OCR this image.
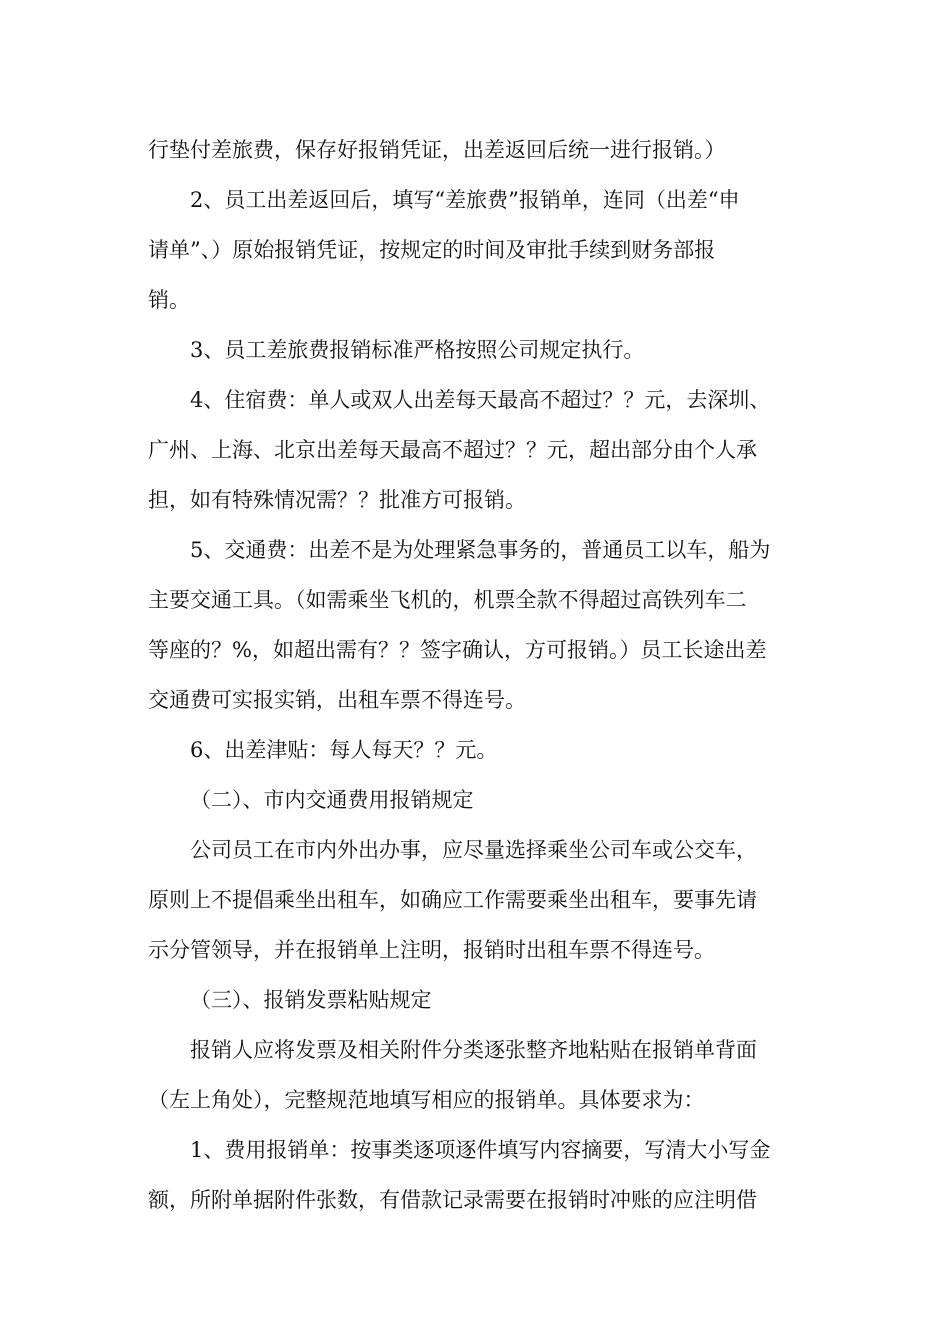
行垫付差旅费，保存好报销凭证，出差返回后统一进行报销。）

2、员工出差返回后，填写“差旅费”报销单，连同（出差“申

请单”、）原始报销凭证，按规定的时间及审批手续到财务部报

销。

3、员工差旅费报销标准严格按照公司规定执行。

4、住宿费：单人或双人出差每天最高不超过？？元，去深圳、

广州、上海、北京出差每天最高不超过？？元，超出部分由个人承

担，如有特殊情况需？？批准方可报销。

5、交通费：出差不是为处理紧急事务的，普通员工以车，船为

主要交通工具。（如需乘坐飞机的，机票全款不得超过高铁列车二

等座的？%，如超出需有？？签字确认，方可报销。）员工长途出差

交通费可实报实销，出租车票不得连号。

6、出差津贴：每人每天？？元。

（二）、市内交通费用报销规定

公司员工在市内外出办事，应尽量选择乘坐公司车或公交车，

原则上不提倡乘坐出租车，如确应工作需要乘坐出租车，要事先请

示分管领导，并在报销单上注明，报销时出租车票不得连号。

（三）、报销发票粘贴规定

报销人应将发票及相关附件分类逐张整齐地粘贴在报销单背面

（左上角处），完整规范地填写相应的报销单。具体要求为：

1、费用报销单：按事类逐项逐件填写内容摘要，写清大小写金

额，所附单据附件张数，有借款记录需要在报销时冲账的应注明借
